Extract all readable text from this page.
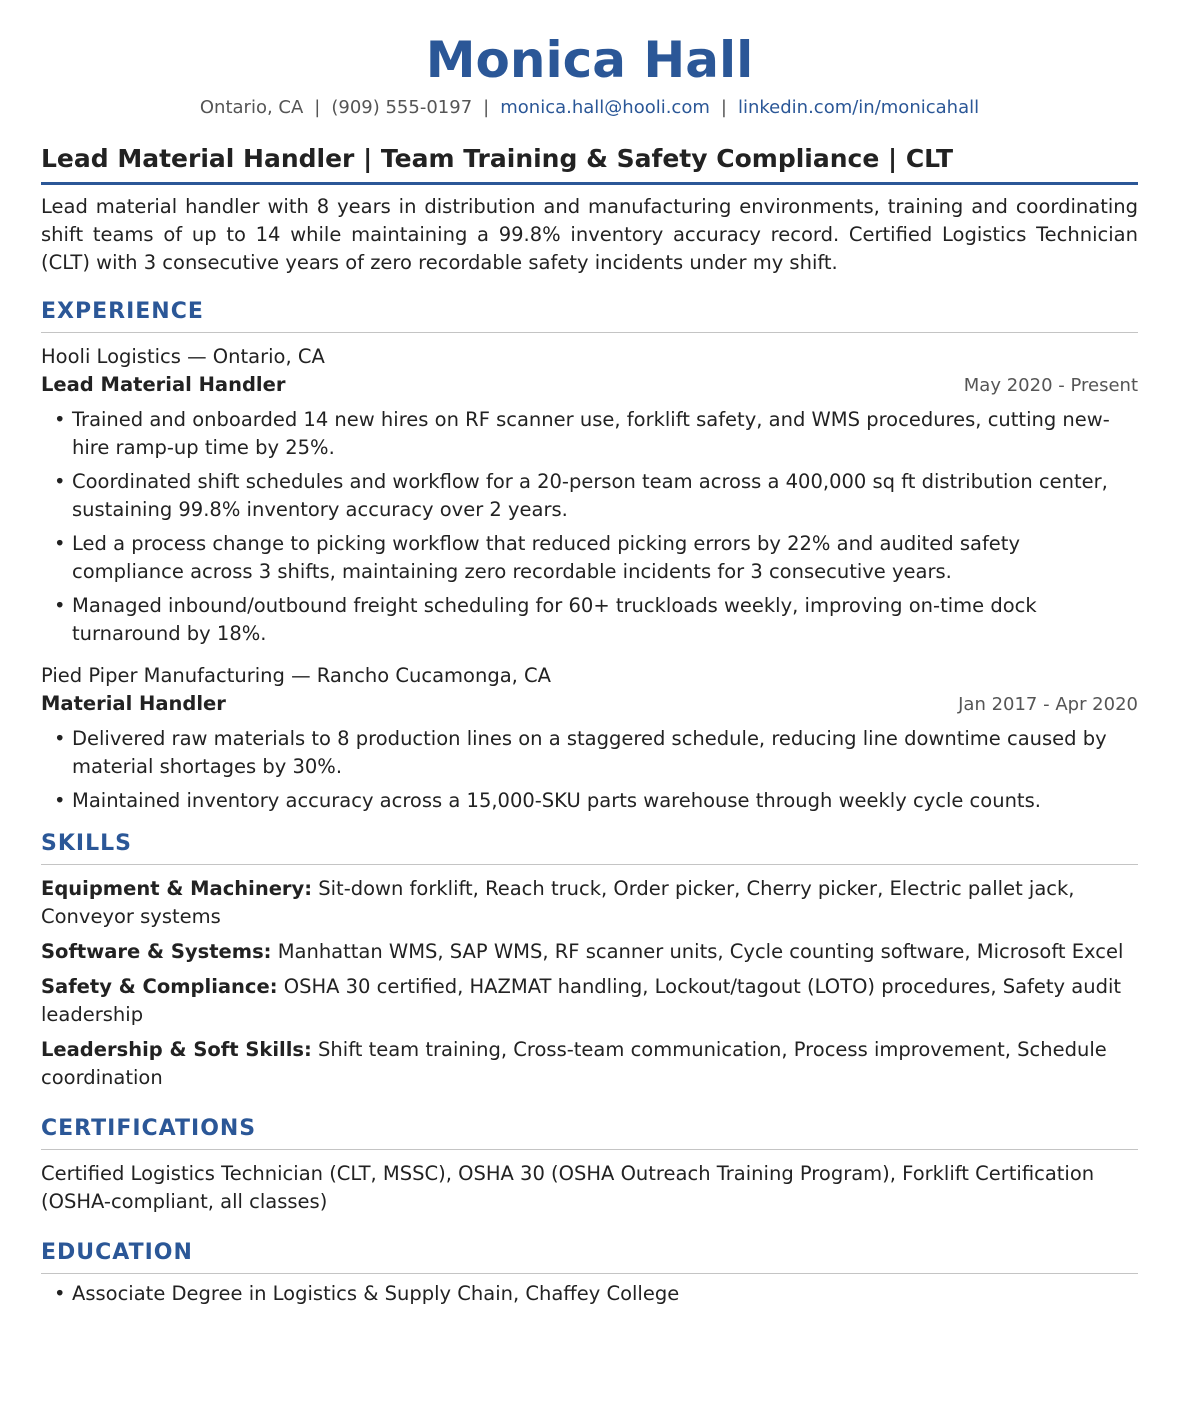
Monica Hall
Ontario, CA | (909) 555-0197 | monica.hall@hooli.com | linkedin.com/in/monicahall
Lead Material Handler | Team Training & Safety Compliance | CLT
Lead material handler with 8 years in distribution and manufacturing environments, training and coordinating shift teams of up to 14 while maintaining a 99.8% inventory accuracy record. Certified Logistics Technician (CLT) with 3 consecutive years of zero recordable safety incidents under my shift.
EXPERIENCE
Hooli Logistics — Ontario, CA
Lead Material Handler	May 2020 - Present
• Trained and onboarded 14 new hires on RF scanner use, forklift safety, and WMS procedures, cutting new-hire ramp-up time by 25%.
• Coordinated shift schedules and workflow for a 20-person team across a 400,000 sq ft distribution center, sustaining 99.8% inventory accuracy over 2 years.
• Led a process change to picking workflow that reduced picking errors by 22% and audited safety compliance across 3 shifts, maintaining zero recordable incidents for 3 consecutive years.
• Managed inbound/outbound freight scheduling for 60+ truckloads weekly, improving on-time dock turnaround by 18%.
Pied Piper Manufacturing — Rancho Cucamonga, CA
Material Handler	Jan 2017 - Apr 2020
• Delivered raw materials to 8 production lines on a staggered schedule, reducing line downtime caused by material shortages by 30%.
• Maintained inventory accuracy across a 15,000-SKU parts warehouse through weekly cycle counts.
SKILLS
Equipment & Machinery: Sit-down forklift, Reach truck, Order picker, Cherry picker, Electric pallet jack, Conveyor systems
Software & Systems: Manhattan WMS, SAP WMS, RF scanner units, Cycle counting software, Microsoft Excel
Safety & Compliance: OSHA 30 certified, HAZMAT handling, Lockout/tagout (LOTO) procedures, Safety audit leadership
Leadership & Soft Skills: Shift team training, Cross-team communication, Process improvement, Schedule coordination
CERTIFICATIONS
Certified Logistics Technician (CLT, MSSC), OSHA 30 (OSHA Outreach Training Program), Forklift Certification (OSHA-compliant, all classes)
EDUCATION
• Associate Degree in Logistics & Supply Chain, Chaffey College
